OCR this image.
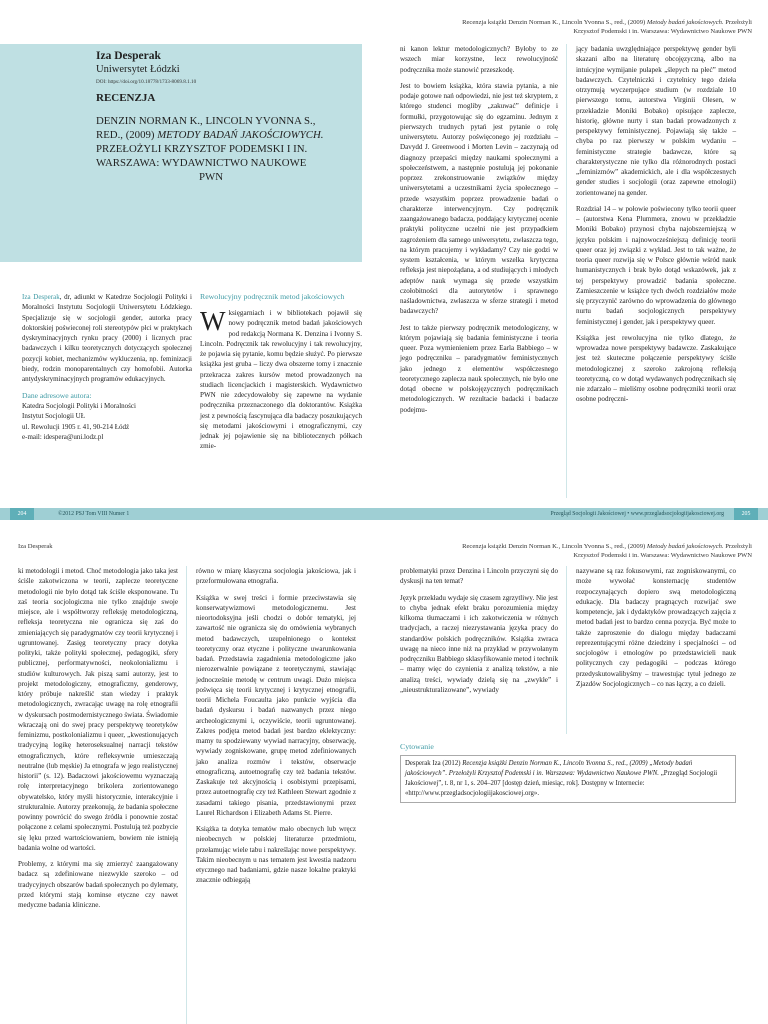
Iza Desperak

Uniwersytet Łódzki

DOI: https://doi.org/10.18778/1733-8069.8.1.10

RECENZJA

DENZIN NORMAN K., LINCOLN YVONNA S.,

RED., (2009) METODY BADAŃ JAKOŚCIOWYCH.

PRZEŁOŻYLI KRZYSZTOF PODEMSKI I IN.

WARSZAWA: WYDAWNICTWO NAUKOWE

PWN

Iza Desperak, dr, adiunkt w Katedrze Socjologii Polityki i Moralności Instytutu Socjologii Uniwersytetu Łódzkiego. Specjalizuje się w socjologii gender, autorka pracy doktorskiej poświeconej roli stereotypów płci w praktykach dyskryminacyjnych rynku pracy (2000) i licznych prac badawczych i kilku teoretycznych dotyczących społecznej pozycji kobiet, mechanizmów wykluczenia, np. feminizacji biedy, rodzin monoparentalnych czy homofobii. Autorka antydyskryminacyjnych programów edukacyjnych.

Dane adresowe autora:

Katedra Socjologii Polityki i Moralności

Instytut Socjologii UŁ

ul. Rewolucji 1905 r. 41, 90-214 Łódź

e-mail: idespera@uni.lodz.pl

Rewolucyjny podręcznik metod jakościowych

Wksięgarniach i w bibliotekach pojawił się nowy podręcznik metod badań jakościowych pod redakcją Normana K. Denzina i Ivonny S. Lincoln. Podręcznik tak rewolucyjny i tak rewolucyjny, że pojawia się pytanie, komu będzie służyć. Po pierwsze książka jest gruba – liczy dwa obszerne tomy i znacznie przekracza zakres kursów metod prowadzonych na studiach licencjackich i magisterskich. Wydawnictwo PWN nie zdecydowałoby się zapewne na wydanie podręcznika przeznaczonego dla doktorantów. Książka jest z pewnością fascynująca dla badaczy poszukujących się metodami jakościowymi i etnograficznymi, czy jednak jej pojawienie się na bibliotecznych półkach zmie-

204	©2012 PSJ Tom VIII Numer 1
Recenzja książki Denzin Norman K., Lincoln Yvonna S., red., (2009) Metody badań jakościowych. Przełożyli
Krzysztof Podemski i in. Warszawa: Wydawnictwo Naukowe PWN

ni kanon lektur metodologicznych? Byłoby to ze wszech miar korzystne, lecz rewolucyjność podręcznika może stanowić przeszkodę.

Jest to bowiem książka, która stawia pytania, a nie podaje gotowe nań odpowiedzi, nie jest też skryptem, z którego studenci mogliby „zakuwać” definicje i formułki, przygotowując się do egzaminu. Jednym z pierwszych trudnych pytań jest pytanie o rolę uniwersytetu. Autorzy poświęconego jej rozdziału – Davydd J. Greenwood i Morten Levin – zaczynają od diagnozy przepaści między naukami społecznymi a społeczeństwem, a następnie postulują jej pokonanie poprzez zrekonstruowanie związków między uniwersytetami a uczestnikami życia społecznego – przede wszystkim poprzez prowadzenie badań o charakterze interwencyjnym. Czy podręcznik zaangażowanego badacza, poddający krytycznej ocenie praktyki polityczne uczelni nie jest przypadkiem zagrożeniem dla samego uniwersytetu, zwłaszcza tego, na którym pracujemy i wykładamy? Czy nie godzi w system kształcenia, w którym wszelka krytyczna refleksja jest niepożądana, a od studiujących i młodych adeptów nauk wymaga się przede wszystkim czołobitności dla autorytetów i sprawnego naśladownictwa, zwłaszcza w sferze strategii i metod badawczych?

Jest to także pierwszy podręcznik metodologiczny, w którym pojawiają się badania feministyczne i teoria queer. Poza wymienieniem przez Earla Babbiego – w jego podręczniku – paradygmatów feministycznych jako jednego z elementów współczesnego teoretycznego zaplecza nauk społecznych, nie było one dotąd obecne w polskojęzycznych podręcznikach metodologicznych. W rezultacie badacki i badacze podejmu-

jący badania uwzględniające perspektywę gender byli skazani albo na literaturę obcojęzyczną, albo na intuicyjne wymijanie pułapek „ślepych na płeć” metod badawczych. Czytelniczki i czytelnicy tego dzieła otrzymują wyczerpujące studium (w rozdziale 10 pierwszego tomu, autorstwa Virginii Olesen, w przekładzie Moniki Bobako) opisujące zaplecze, historię, główne nurty i stan badań prowadzonych z perspektywy feministycznej. Pojawiają się także – chyba po raz pierwszy w polskim wydaniu – feministyczne strategie badawcze, które są charakterystyczne nie tylko dla różnorodnych postaci „feminizmów” akademickich, ale i dla współczesnych gender studies i socjologii (oraz zapewne etnologii) zorientowanej na gender.

Rozdział 14 – w połowie poświecony tylko teorii queer – (autorstwa Kena Plummera, znowu w przekładzie Moniki Bobako) przynosi chyba najobszerniejszą w języku polskim i najnowocześniejszą definicję teorii queer oraz jej związki z wykład. Jest to tak ważne, że teoria queer rozwija się w Polsce głównie wśród nauk humanistycznych i brak było dotąd wskazówek, jak z tej perspektywy prowadzić badania społeczne. Zamieszczenie w książce tych dwóch rozdziałów może się przyczynić zarówno do wprowadzenia do głównego nurtu badań socjologicznych perspektywy feministycznej i gender, jak i perspektywy queer.

Książka jest rewolucyjna nie tylko dlatego, że wprowadza nowe perspektywy badawcze. Zaskakujące jest też skuteczne połączenie perspektywy ściśle metodologicznej z szeroko zakrojoną refleksją teoretyczną, co w dotąd wydawanych podręcznikach się nie zdarzało – mieliśmy osobne podręczniki teorii oraz osobne podręczni-

Przegląd Socjologii Jakościowej • www.przegladsocjologiijakosciowej.org	205
Iza Desperak

ki metodologii i metod. Choć metodologia jako taka jest ściśle zakotwiczona w teorii, zaplecze teoretyczne metodologii nie było dotąd tak ściśle eksponowane. Tu zaś teoria socjologiczna nie tylko znajduje swoje miejsce, ale i współtworzy refleksję metodologiczną, refleksja teoretyczna nie ogranicza się zaś do zmieniających się paradygmatów czy teorii krytycznej i ugruntowanej. Zasięg teoretyczny pracy dotyka polityki, także polityki społecznej, pedagogiki, sfery publicznej, performatywności, neokolonializmu i studiów kulturowych. Jak piszą sami autorzy, jest to projekt metodologiczny, etnograficzny, genderowy, który próbuje nakreślić stan wiedzy i praktyk metodologicznych, zwracając uwagę na rolę etnografii w dyskursach postmodernistycznego świata. Świadomie wkraczają oni do swej pracy perspektywę teoretyków feminizmu, postkolonializmu i queer, „kwestionujących tradycyjną logikę heteroseksualnej narracji tekstów etnograficznych, które refleksywnie umieszczają neutralne (lub męskie) Ja etnografa w jego realistycznej historii” (s. 12). Badaczowi jakościowemu wyznaczają rolę interpretacyjnego brikolera zorientowanego obywatelsko, który myśli historycznie, interakcyjnie i strukturalnie. Autorzy przekonują, że badania społeczne powinny powrócić do swego źródła i ponownie zostać połączone z celami społecznymi. Postulują też pozbycie się lęku przed wartościowaniem, bowiem nie istnieją badania wolne od wartości.

Problemy, z którymi ma się zmierzyć zaangażowany badacz są zdefiniowane niezwykle szeroko – od tradycyjnych obszarów badań społecznych po dylematy, przed którymi stają kominse etyczne czy nawet medyczne badania kliniczne.

równo w miarę klasyczna socjologia jakościowa, jak i przeformułowana etnografia.

Książka w swej treści i formie przeciwstawia się konserwatywizmowi metodologicznemu. Jest nieortodoksyjna jeśli chodzi o dobór tematyki, jej zawartość nie ogranicza się do omówienia wybranych metod badawczych, uzupełnionego o kontekst teoretyczny oraz etyczne i polityczne uwarunkowania badań. Przedstawia zagadnienia metodologiczne jako nierozerwalnie powiązane z teoretycznymi, stawiając jednocześnie metodę w centrum uwagi. Dużo miejsca poświęca się teorii krytycznej i krytycznej etnografii, teorii Michela Foucaulta jako punkcie wyjścia dla badań dyskursu i badań nazwanych przez niego archeologicznymi i, oczywiście, teorii ugruntowanej. Zakres podjęta metod badań jest bardzo eklektyczny: mamy tu spodziewany wywiad narracyjny, obserwację, wywiady zogniskowane, grupę metod zdefiniowanych jako analiza rozmów i tekstów, obserwacje etnograficzną, autoetnografię czy też badania tekstów. Zaskakuje też akcyjnością i osobistymi przepisami, przez autoetnografię czy też Kathleen Stewart zgodnie z zasadami takiego pisania, przedstawionymi przez Laurel Richardson i Elizabeth Adams St. Pierre.

Książka ta dotyka tematów mało obecnych lub wręcz nieobecnych w polskiej literaturze przedmiotu, przełamując wiele tabu i nakreślając nowe perspektywy. Takim nieobecnym u nas tematem jest kwestia nadzoru etycznego nad badaniami, gdzie nasze lokalne praktyki znacznie odbiegają

Recenzja książki Denzin Norman K., Lincoln Yvonna S., red., (2009) Metody badań jakościowych. Przełożyli
Krzysztof Podemski i in. Warszawa: Wydawnictwo Naukowe PWN

problematyki przez Denzina i Lincoln przyczyni się do dyskusji na ten temat?

Język przekładu wydaje się czasem zgrzytliwy. Nie jest to chyba jednak efekt braku porozumienia między kilkoma tłumaczami i ich zakotwiczenia w różnych tradycjach, a raczej niezrystawania języka pracy do standardów polskich podręczników. Książka zwraca uwagę na nieco inne niż na przykład w przywołanym podręczniku Babbiego sklasyfikowanie metod i technik – mamy więc do czynienia z analizą tekstów, a nie analizą treści, wywiady dzielą się na „zwykłe” i „nieustrukturalizowane”, wywiady

nazywane są raz fokusowymi, raz zogniskowanymi, co może wywołać konsternację studentów rozpoczynających dopiero swą metodologiczną edukację. Dla badaczy pragnących rozwijać swe kompetencje, jak i dydaktyków prowadzących zajęcia z metod badań jest to bardzo cenna pozycja. Być może to także zaproszenie do dialogu między badaczami reprezentującymi różne dziedziny i specjalności – od socjologów i etnologów po przedstawicieli nauk politycznych czy pedagogiki – podczas którego przedyskutowalibyśmy – trawestując tytuł jednego ze Zjazdów Socjologicznych – co nas łączy, a co dzieli.

Cytowanie
Desperak Iza (2012) Recenzja książki Denzin Norman K., Lincoln Yvonna S., red., (2009) „Metody badań jakościowych”. Przełożyli Krzysztof Podemski i in. Warszawa: Wydawnictwo Naukowe PWN. „Przegląd Socjologii Jakościowej”, t. 8, nr 1, s. 204–207 [dostęp dzień, miesiąc, rok]. Dostępny w Internecie: «http://www.przegladsocjologiijakosciowej.org».
